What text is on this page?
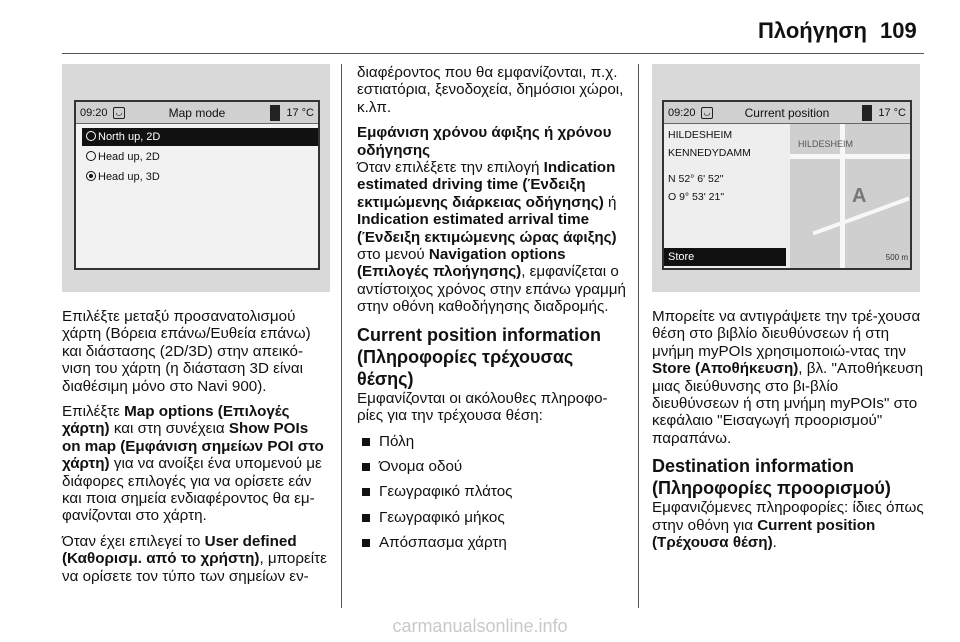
Πλοήγηση 109
09:20 ◡	Map mode	17 °C
North up, 2D
Head up, 2D
Head up, 3D

Επιλέξτε μεταξύ προσανατολισμού χάρτη (Βόρεια επάνω/Ευθεία επάνω) και διάστασης (2D/3D) στην απεικό-νιση του χάρτη (η διάσταση 3D είναι διαθέσιμη μόνο στο Navi 900).

Επιλέξτε Map options (Επιλογές χάρτη) και στη συνέχεια Show POIs on map (Εμφάνιση σημείων POI στο χάρτη) για να ανοίξει ένα υπομενού με διάφορες επιλογές για να ορίσετε εάν και ποια σημεία ενδιαφέροντος θα εμ-φανίζονται στο χάρτη.

Όταν έχει επιλεγεί το User defined (Καθορισμ. από το χρήστη), μπορείτε να ορίσετε τον τύπο των σημείων εν-

διαφέροντος που θα εμφανίζονται, π.χ. εστιατόρια, ξενοδοχεία, δημόσιοι χώροι, κ.λπ.

Εμφάνιση χρόνου άφιξης ή χρόνου οδήγησης

Όταν επιλέξετε την επιλογή Indication estimated driving time (Ένδειξη εκτιμώμενης διάρκειας οδήγησης) ή Indication estimated arrival time (Ένδειξη εκτιμώμενης ώρας άφιξης) στο μενού Navigation options (Επιλογές πλοήγησης), εμφανίζεται ο αντίστοιχος χρόνος στην επάνω γραμμή στην οθόνη καθοδήγησης διαδρομής.

Current position information (Πληροφορίες τρέχουσας θέσης)

Εμφανίζονται οι ακόλουθες πληροφο-ρίες για την τρέχουσα θέση:

Πόλη
Όνομα οδού
Γεωγραφικό πλάτος
Γεωγραφικό μήκος
Απόσπασμα χάρτη
09:20 ◡	Current position	17 °C
HILDESHEIM
KENNEDYDAMM
N 52° 6' 52"
O 9° 53' 21"
Store
HILDESHEIM
A
500 m

Μπορείτε να αντιγράψετε την τρέ-χουσα θέση στο βιβλίο διευθύνσεων ή στη μνήμη myPOIs χρησιμοποιώ-ντας την Store (Αποθήκευση), βλ. "Αποθήκευση μιας διεύθυνσης στο βι-βλίο διευθύνσεων ή στη μνήμη myPOIs" στο κεφάλαιο "Εισαγωγή προορισμού" παραπάνω.

Destination information (Πληροφορίες προορισμού)

Εμφανιζόμενες πληροφορίες: ίδιες όπως στην οθόνη για Current position (Τρέχουσα θέση).

carmanualsonline.info
